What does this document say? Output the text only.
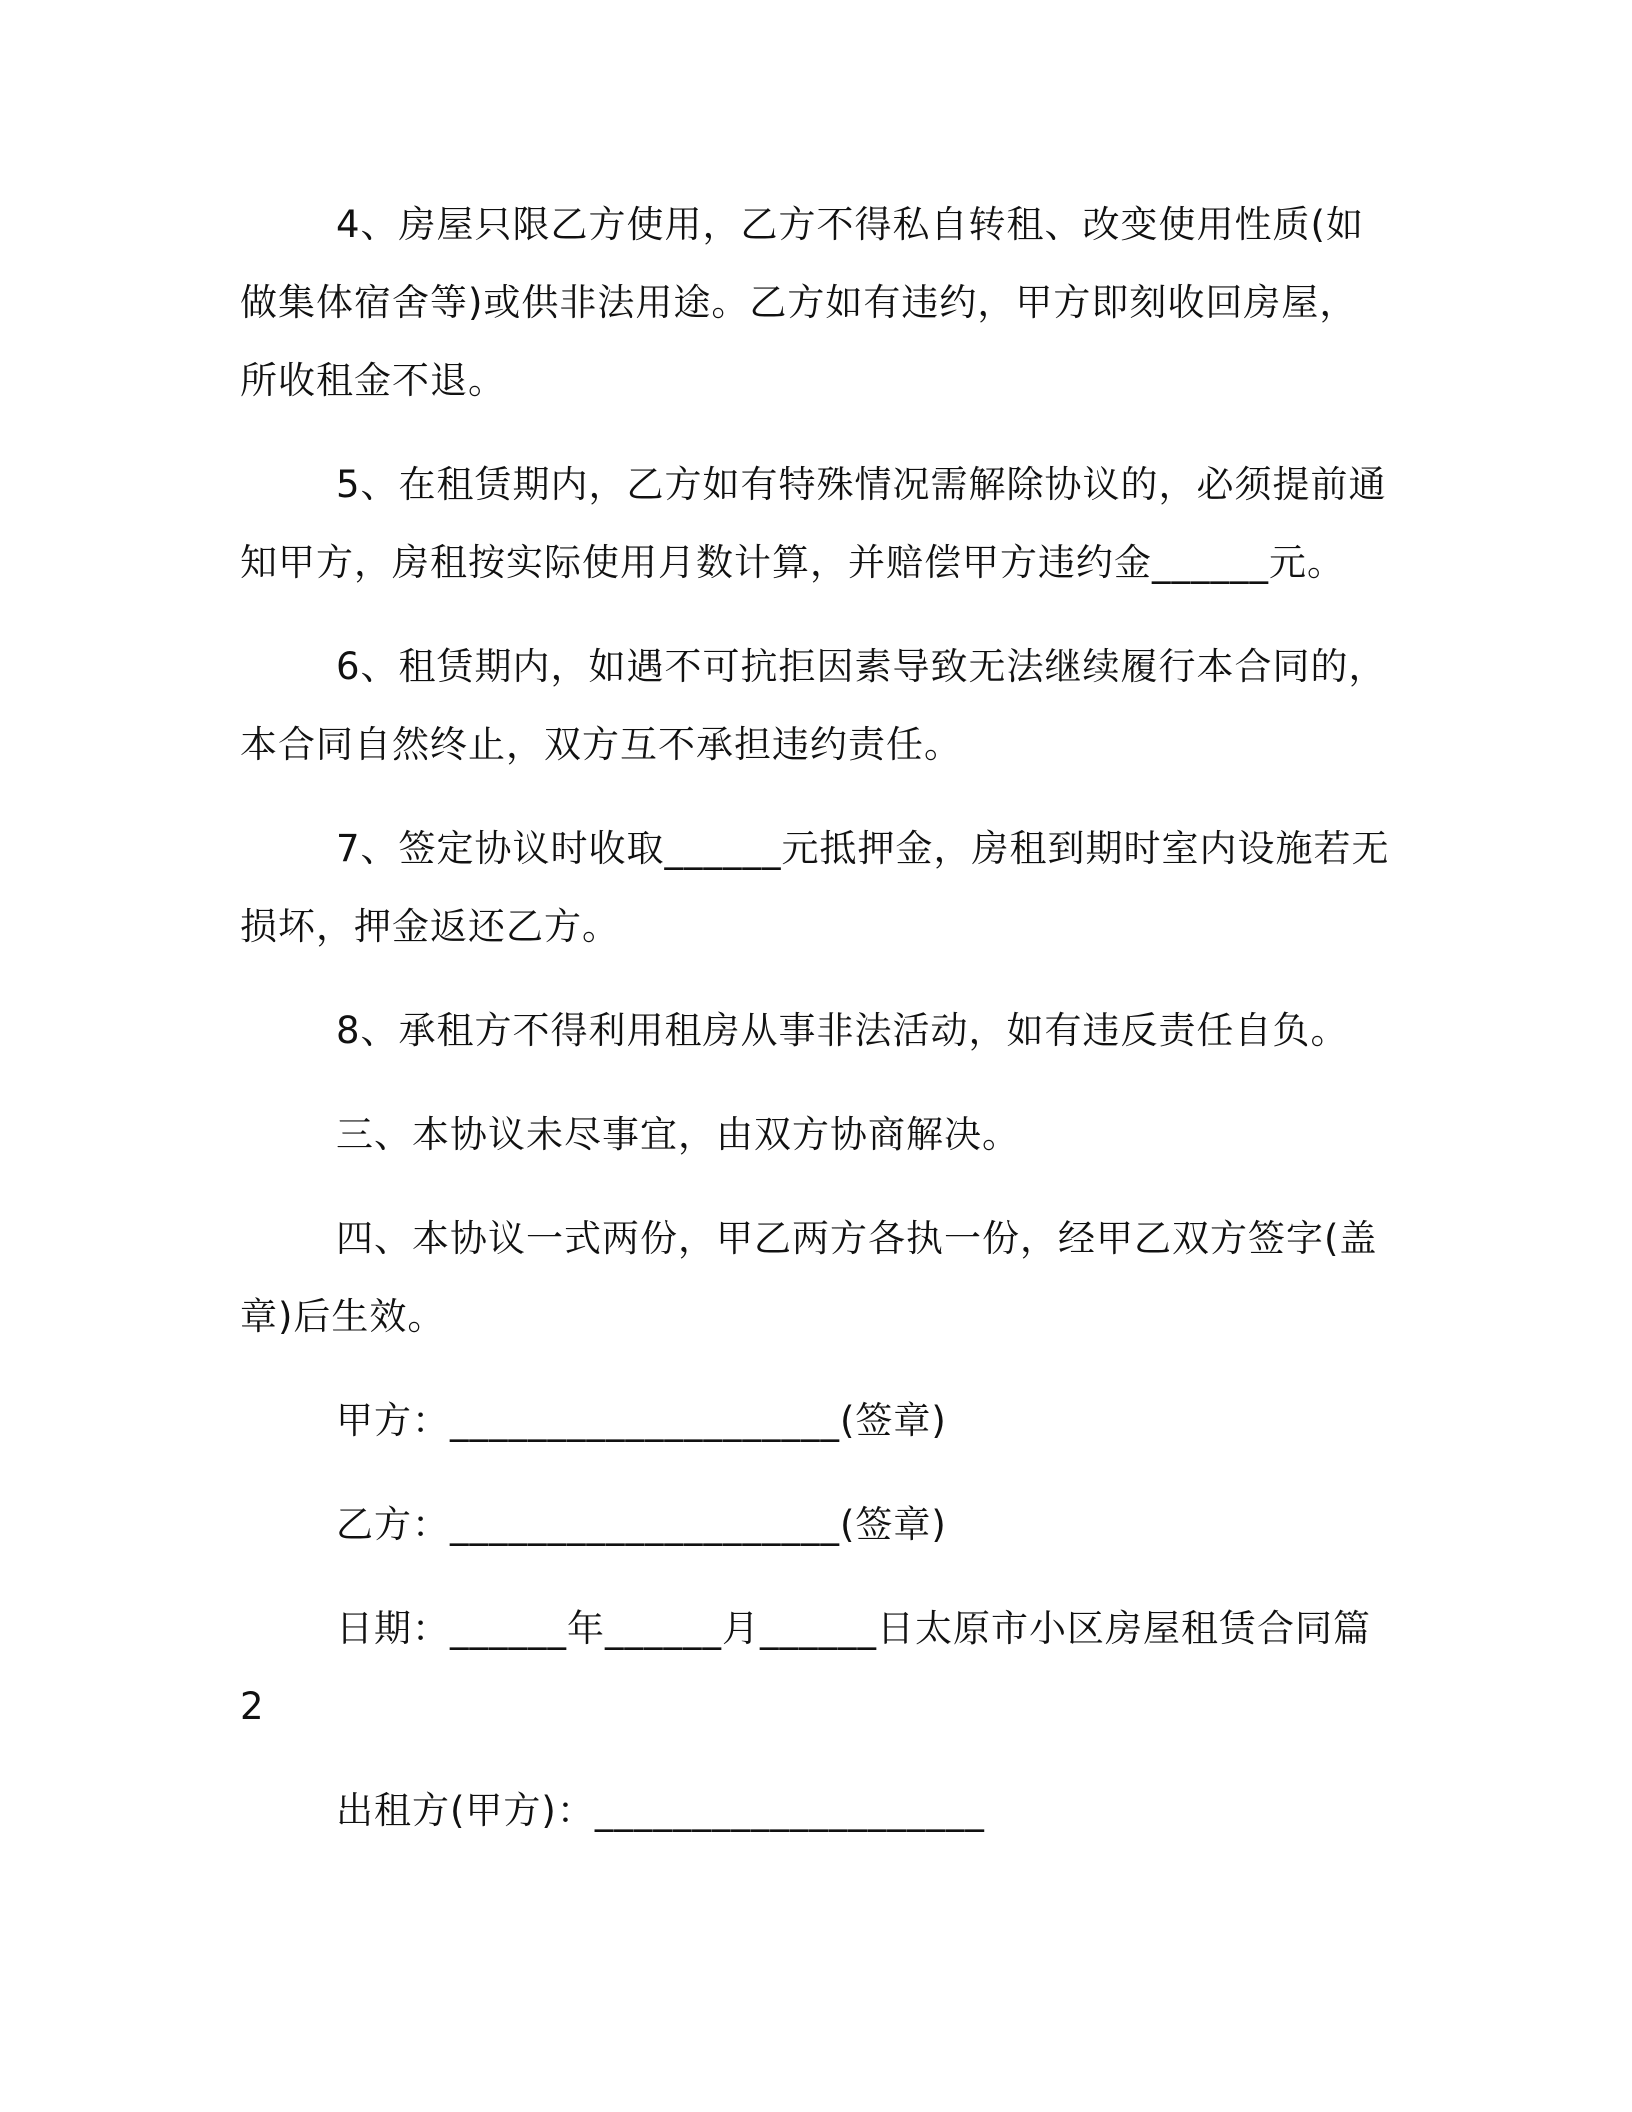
4、房屋只限乙方使用，乙方不得私自转租、改变使用性质(如做集体宿舍等)或供非法用途。乙方如有违约，甲方即刻收回房屋，所收租金不退。

5、在租赁期内，乙方如有特殊情况需解除协议的，必须提前通知甲方，房租按实际使用月数计算，并赔偿甲方违约金______元。

6、租赁期内，如遇不可抗拒因素导致无法继续履行本合同的，本合同自然终止，双方互不承担违约责任。

7、签定协议时收取______元抵押金，房租到期时室内设施若无损坏，押金返还乙方。

8、承租方不得利用租房从事非法活动，如有违反责任自负。

三、本协议未尽事宜，由双方协商解决。

四、本协议一式两份，甲乙两方各执一份，经甲乙双方签字(盖章)后生效。

甲方：____________________(签章)

乙方：____________________(签章)

日期：______年______月______日太原市小区房屋租赁合同篇 2

出租方(甲方)：____________________
